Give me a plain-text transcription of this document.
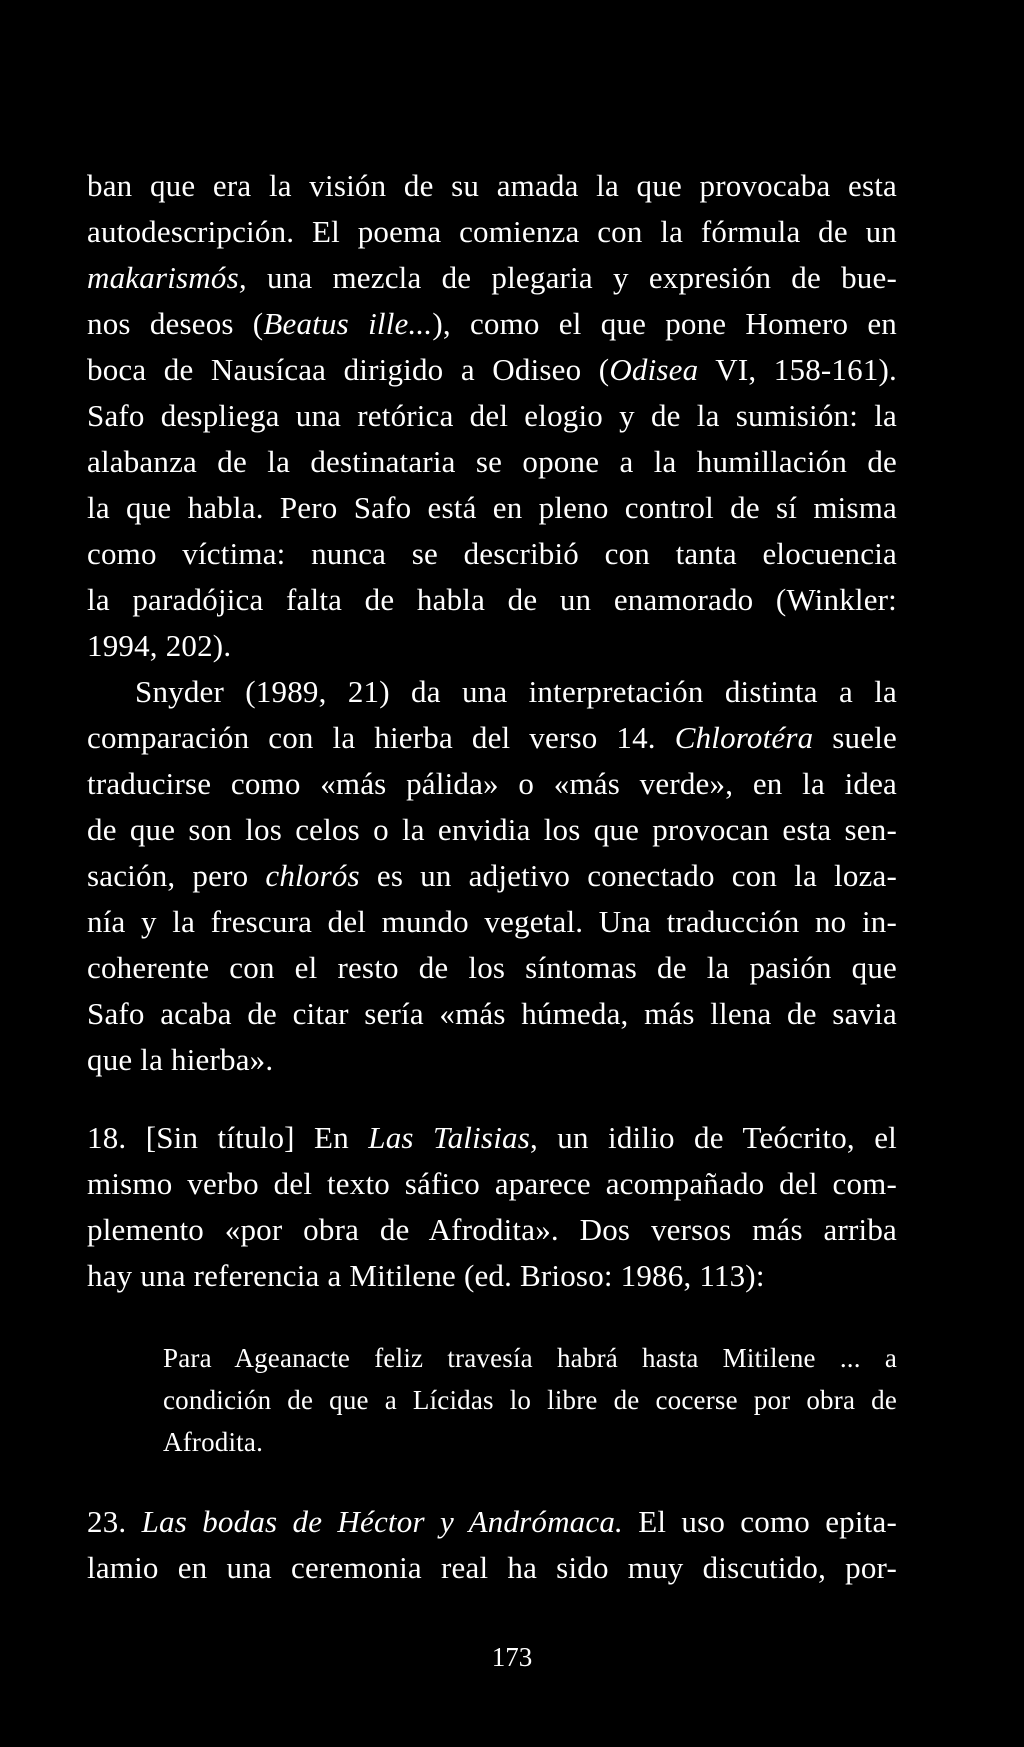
ban que era la visión de su amada la que provocaba esta
autodescripción. El poema comienza con la fórmula de un
makarismós, una mezcla de plegaria y expresión de bue-
nos deseos (Beatus ille...), como el que pone Homero en
boca de Nausícaa dirigido a Odiseo (Odisea VI, 158-161).
Safo despliega una retórica del elogio y de la sumisión: la
alabanza de la destinataria se opone a la humillación de
la que habla. Pero Safo está en pleno control de sí misma
como víctima: nunca se describió con tanta elocuencia
la paradójica falta de habla de un enamorado (Winkler:
1994, 202).
Snyder (1989, 21) da una interpretación distinta a la
comparación con la hierba del verso 14. Chlorotéra suele
traducirse como «más pálida» o «más verde», en la idea
de que son los celos o la envidia los que provocan esta sen-
sación, pero chlorós es un adjetivo conectado con la loza-
nía y la frescura del mundo vegetal. Una traducción no in-
coherente con el resto de los síntomas de la pasión que
Safo acaba de citar sería «más húmeda, más llena de savia
que la hierba».
18. [Sin título] En Las Talisias, un idilio de Teócrito, el
mismo verbo del texto sáfico aparece acompañado del com-
plemento «por obra de Afrodita». Dos versos más arriba
hay una referencia a Mitilene (ed. Brioso: 1986, 113):
Para Ageanacte feliz travesía habrá hasta Mitilene ... a
condición de que a Lícidas lo libre de cocerse por obra de
Afrodita.
23. Las bodas de Héctor y Andrómaca. El uso como epita-
lamio en una ceremonia real ha sido muy discutido, por-
173
